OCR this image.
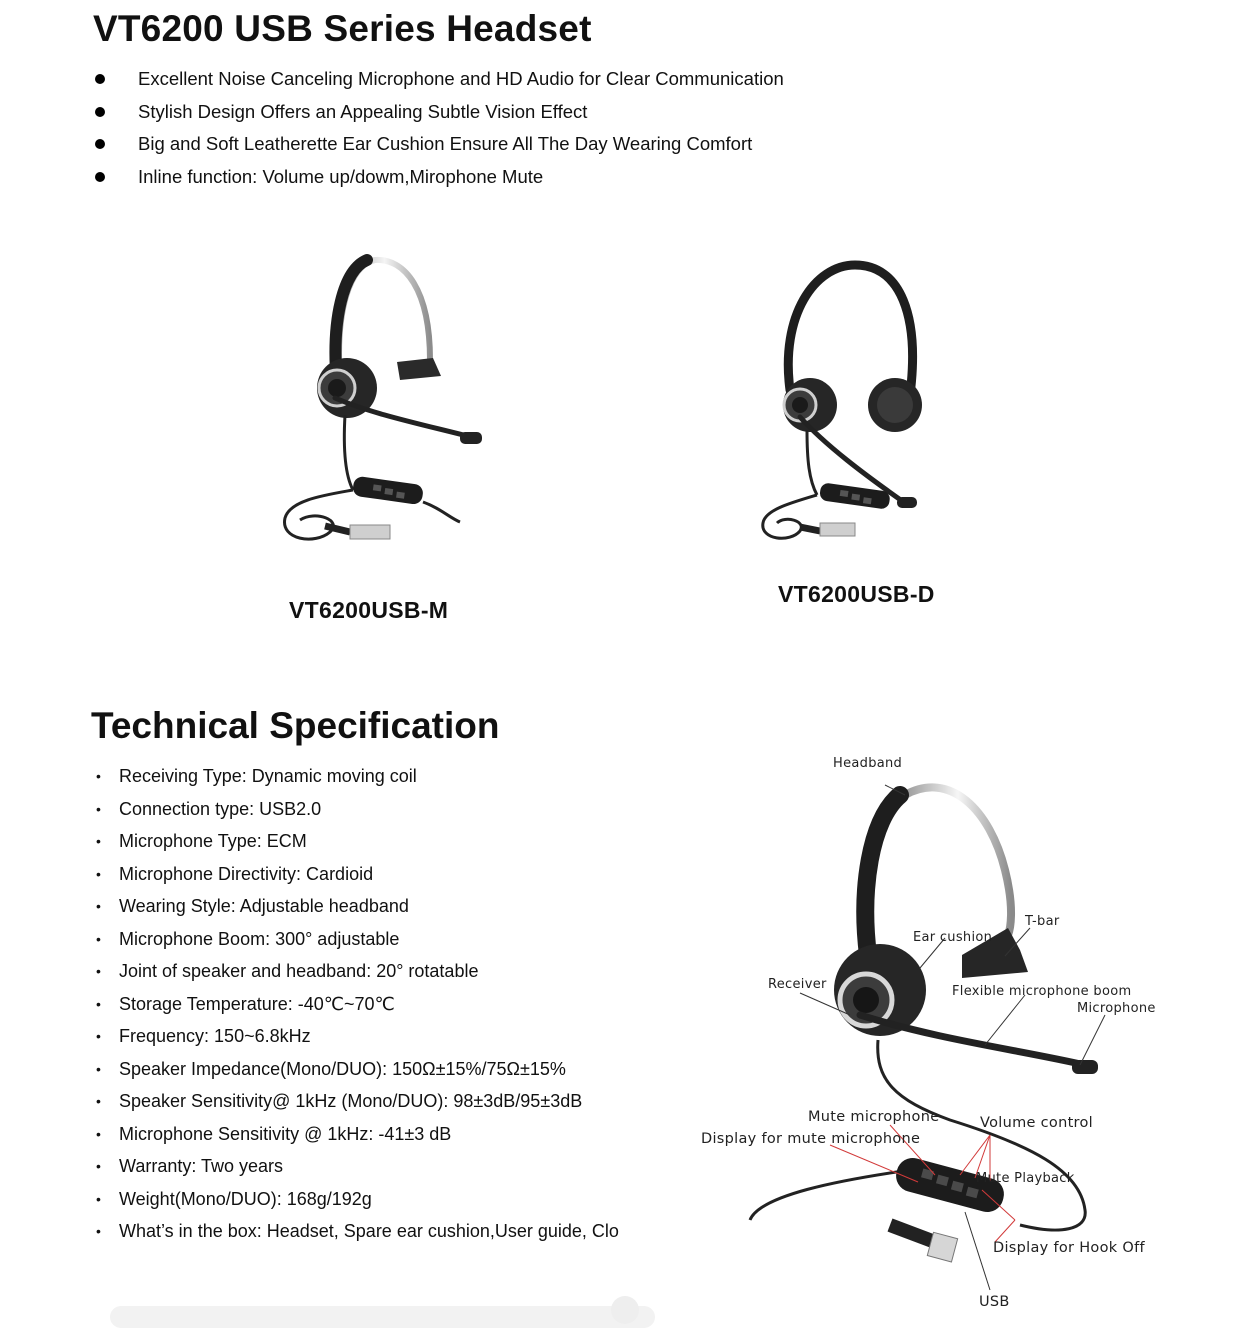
VT6200 USB Series Headset
Excellent Noise Canceling Microphone and HD Audio for Clear Communication
Stylish Design Offers an Appealing Subtle Vision Effect
Big and Soft Leatherette Ear Cushion Ensure All The Day Wearing Comfort
Inline function: Volume up/dowm,Mirophone Mute
VT6200USB-M
VT6200USB-D
Technical Specification
• Receiving Type: Dynamic moving coil
• Connection type: USB2.0
• Microphone Type: ECM
• Microphone Directivity: Cardioid
• Wearing Style: Adjustable headband
• Microphone Boom: 300° adjustable
• Joint of speaker and headband: 20° rotatable
• Storage Temperature: -40℃~70℃
• Frequency: 150~6.8kHz
• Speaker Impedance(Mono/DUO): 150Ω±15%/75Ω±15%
• Speaker Sensitivity@ 1kHz (Mono/DUO): 98±3dB/95±3dB
• Microphone Sensitivity @ 1kHz: -41±3 dB
• Warranty: Two years
• Weight(Mono/DUO): 168g/192g
• What’s in the box: Headset, Spare ear cushion,User guide, Clo
Headband
T-bar
Ear cushion
Receiver	Flexible microphone boom
Microphone
Mute microphone	Volume control
Display for mute microphone
Mute Playback
Display for Hook Off
USB
